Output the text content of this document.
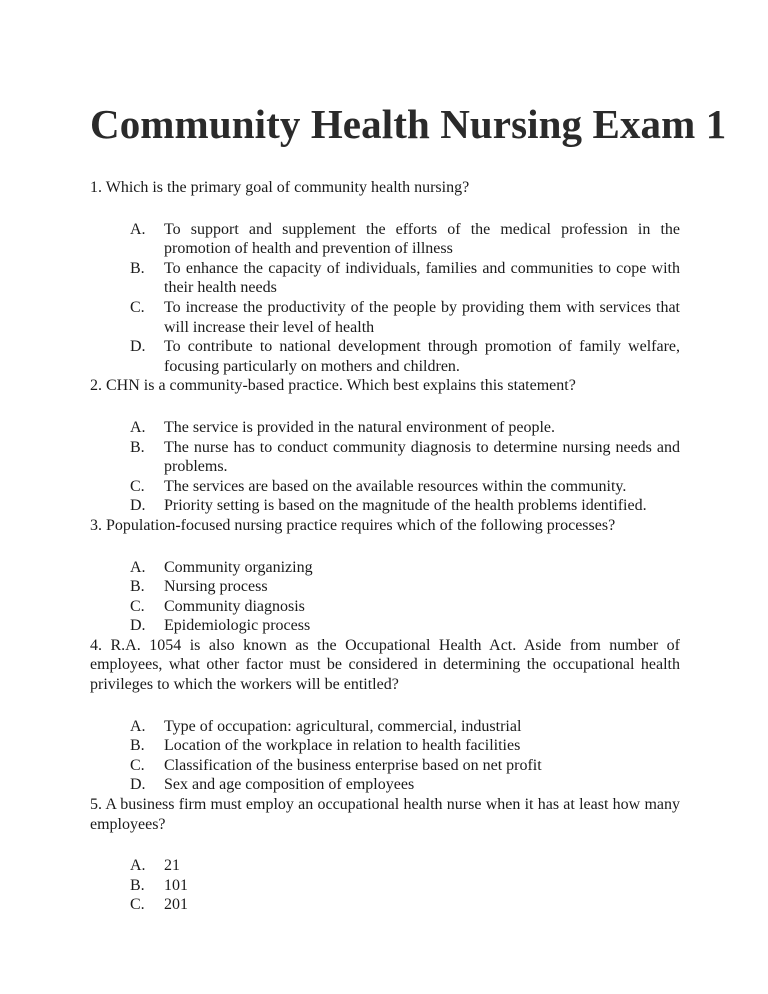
Community Health Nursing Exam 1

1. Which is the primary goal of community health nursing?

A. To support and supplement the efforts of the medical profession in the promotion of health and prevention of illness
B. To enhance the capacity of individuals, families and communities to cope with their health needs
C. To increase the productivity of the people by providing them with services that will increase their level of health
D. To contribute to national development through promotion of family welfare, focusing particularly on mothers and children.

2. CHN is a community-based practice. Which best explains this statement?

A. The service is provided in the natural environment of people.
B. The nurse has to conduct community diagnosis to determine nursing needs and problems.
C. The services are based on the available resources within the community.
D. Priority setting is based on the magnitude of the health problems identified.

3. Population-focused nursing practice requires which of the following processes?

A. Community organizing
B. Nursing process
C. Community diagnosis
D. Epidemiologic process

4. R.A. 1054 is also known as the Occupational Health Act. Aside from number of employees, what other factor must be considered in determining the occupational health privileges to which the workers will be entitled?

A. Type of occupation: agricultural, commercial, industrial
B. Location of the workplace in relation to health facilities
C. Classification of the business enterprise based on net profit
D. Sex and age composition of employees

5. A business firm must employ an occupational health nurse when it has at least how many employees?

A. 21
B. 101
C. 201
